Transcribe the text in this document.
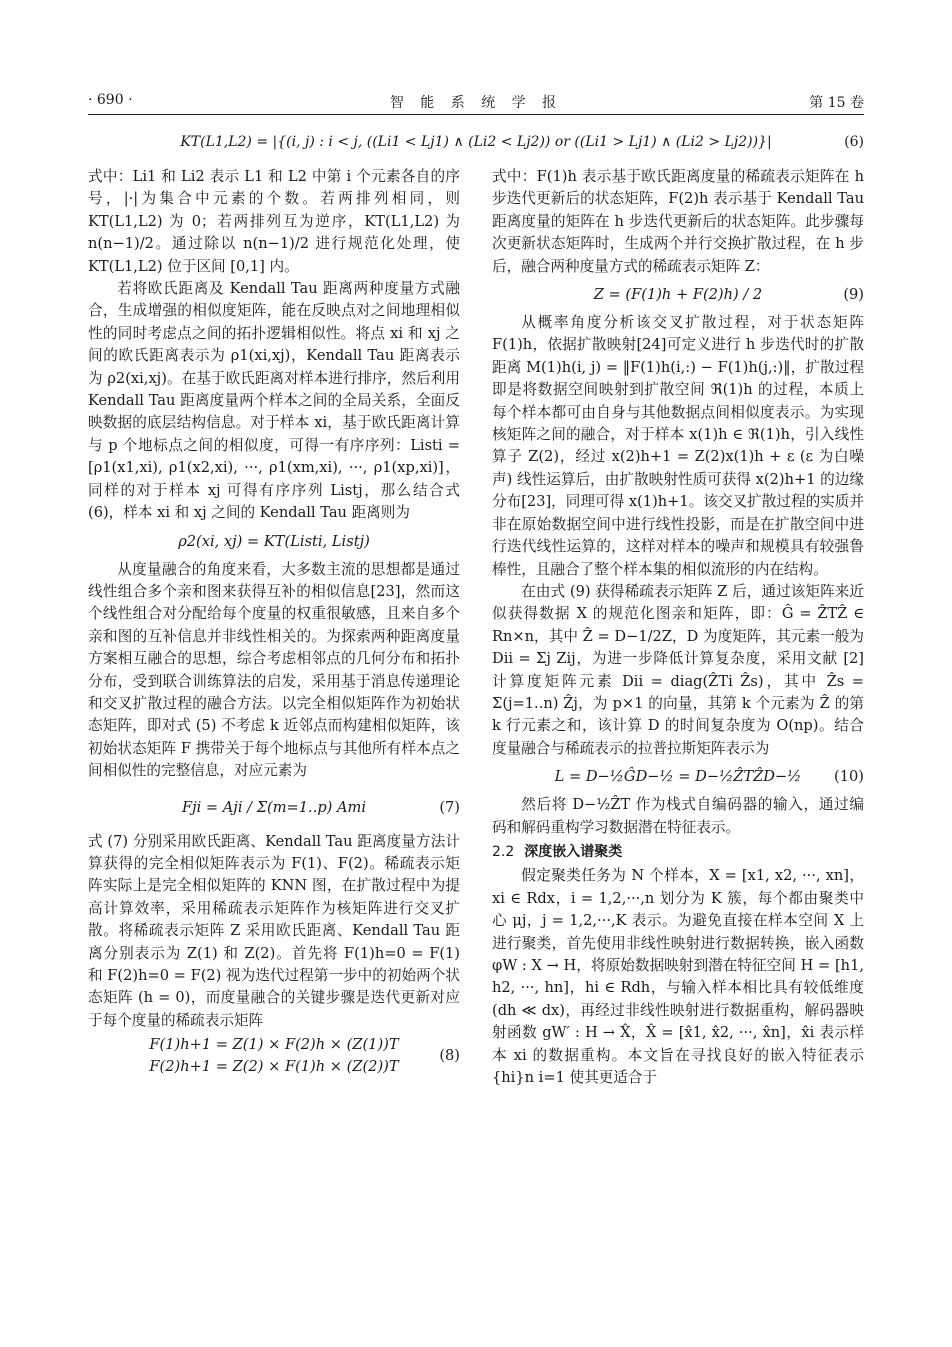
· 690 ·	智 能 系 统 学 报	第 15 卷
KT(L1,L2) = |{(i, j) : i < j, ((Li1 < Lj1) ∧ (Li2 < Lj2)) or ((Li1 > Lj1) ∧ (Li2 > Lj2))}|	(6)

式中：Li1 和 Li2 表示 L1 和 L2 中第 i 个元素各自的序号，|·|为集合中元素的个数。若两排列相同，则 KT(L1,L2) 为 0；若两排列互为逆序，KT(L1,L2) 为 n(n−1)/2。通过除以 n(n−1)/2 进行规范化处理，使 KT(L1,L2) 位于区间 [0,1] 内。

若将欧氏距离及 Kendall Tau 距离两种度量方式融合，生成增强的相似度矩阵，能在反映点对之间地理相似性的同时考虑点之间的拓扑逻辑相似性。将点 xi 和 xj 之间的欧氏距离表示为 ρ1(xi,xj)，Kendall Tau 距离表示为 ρ2(xi,xj)。在基于欧氏距离对样本进行排序，然后利用 Kendall Tau 距离度量两个样本之间的全局关系，全面反映数据的底层结构信息。对于样本 xi，基于欧氏距离计算与 p 个地标点之间的相似度，可得一有序序列：Listi = [ρ1(x1,xi), ρ1(x2,xi), ···, ρ1(xm,xi), ···, ρ1(xp,xi)]，同样的对于样本 xj 可得有序序列 Listj，那么结合式 (6)，样本 xi 和 xj 之间的 Kendall Tau 距离则为

ρ2(xi, xj) = KT(Listi, Listj)

从度量融合的角度来看，大多数主流的思想都是通过线性组合多个亲和图来获得互补的相似信息[23]，然而这个线性组合对分配给每个度量的权重很敏感，且来自多个亲和图的互补信息并非线性相关的。为探索两种距离度量方案相互融合的思想，综合考虑相邻点的几何分布和拓扑分布，受到联合训练算法的启发，采用基于消息传递理论和交叉扩散过程的融合方法。以完全相似矩阵作为初始状态矩阵，即对式 (5) 不考虑 k 近邻点而构建相似矩阵，该初始状态矩阵 F 携带关于每个地标点与其他所有样本点之间相似性的完整信息，对应元素为

Fji = Aji / Σ(m=1..p) Ami	(7)

式 (7) 分别采用欧氏距离、Kendall Tau 距离度量方法计算获得的完全相似矩阵表示为 F(1)、F(2)。稀疏表示矩阵实际上是完全相似矩阵的 KNN 图，在扩散过程中为提高计算效率，采用稀疏表示矩阵作为核矩阵进行交叉扩散。将稀疏表示矩阵 Z 采用欧氏距离、Kendall Tau 距离分别表示为 Z(1) 和 Z(2)。首先将 F(1)h=0 = F(1) 和 F(2)h=0 = F(2) 视为迭代过程第一步中的初始两个状态矩阵 (h = 0)，而度量融合的关键步骤是迭代更新对应于每个度量的稀疏表示矩阵

F(1)h+1 = Z(1) × F(2)h × (Z(1))T
F(2)h+1 = Z(2) × F(1)h × (Z(2))T
(8)

式中：F(1)h 表示基于欧氏距离度量的稀疏表示矩阵在 h 步迭代更新后的状态矩阵，F(2)h 表示基于 Kendall Tau 距离度量的矩阵在 h 步迭代更新后的状态矩阵。此步骤每次更新状态矩阵时，生成两个并行交换扩散过程，在 h 步后，融合两种度量方式的稀疏表示矩阵 Z：

Z = (F(1)h + F(2)h) / 2	(9)

从概率角度分析该交叉扩散过程，对于状态矩阵 F(1)h，依据扩散映射[24]可定义进行 h 步迭代时的扩散距离 M(1)h(i, j) = ‖F(1)h(i,:) − F(1)h(j,:)‖，扩散过程即是将数据空间映射到扩散空间 ℜ(1)h 的过程，本质上每个样本都可由自身与其他数据点间相似度表示。为实现核矩阵之间的融合，对于样本 x(1)h ∈ ℜ(1)h，引入线性算子 Z(2)，经过 x(2)h+1 = Z(2)x(1)h + ε (ε 为白噪声) 线性运算后，由扩散映射性质可获得 x(2)h+1 的边缘分布[23]，同理可得 x(1)h+1。该交叉扩散过程的实质并非在原始数据空间中进行线性投影，而是在扩散空间中进行迭代线性运算的，这样对样本的噪声和规模具有较强鲁棒性，且融合了整个样本集的相似流形的内在结构。

在由式 (9) 获得稀疏表示矩阵 Z 后，通过该矩阵来近似获得数据 X 的规范化图亲和矩阵，即：Ĝ = ẐTẐ ∈ Rn×n，其中 Ẑ = D−1/2Z，D 为度矩阵，其元素一般为 Dii = Σj Zij，为进一步降低计算复杂度，采用文献 [2] 计算度矩阵元素 Dii = diag(ẐTi Ẑs)，其中 Ẑs = Σ(j=1..n) Ẑj，为 p×1 的向量，其第 k 个元素为 Ẑ 的第 k 行元素之和，该计算 D 的时间复杂度为 O(np)。结合度量融合与稀疏表示的拉普拉斯矩阵表示为

L = D−½ĜD−½ = D−½ẐTẐD−½	(10)

然后将 D−½ẐT 作为栈式自编码器的输入，通过编码和解码重构学习数据潜在特征表示。

2.2 深度嵌入谱聚类

假定聚类任务为 N 个样本，X = [x1, x2, ···, xn]，xi ∈ Rdx，i = 1,2,···,n 划分为 K 簇，每个都由聚类中心 μj，j = 1,2,···,K 表示。为避免直接在样本空间 X 上进行聚类，首先使用非线性映射进行数据转换，嵌入函数 φW : X → H，将原始数据映射到潜在特征空间 H = [h1, h2, ···, hn]，hi ∈ Rdh，与输入样本相比具有较低维度 (dh ≪ dx)，再经过非线性映射进行数据重构，解码器映射函数 gW′ : H → X̂，X̂ = [x̂1, x̂2, ···, x̂n]，x̂i 表示样本 xi 的数据重构。本文旨在寻找良好的嵌入特征表示 {hi}n i=1 使其更适合于
